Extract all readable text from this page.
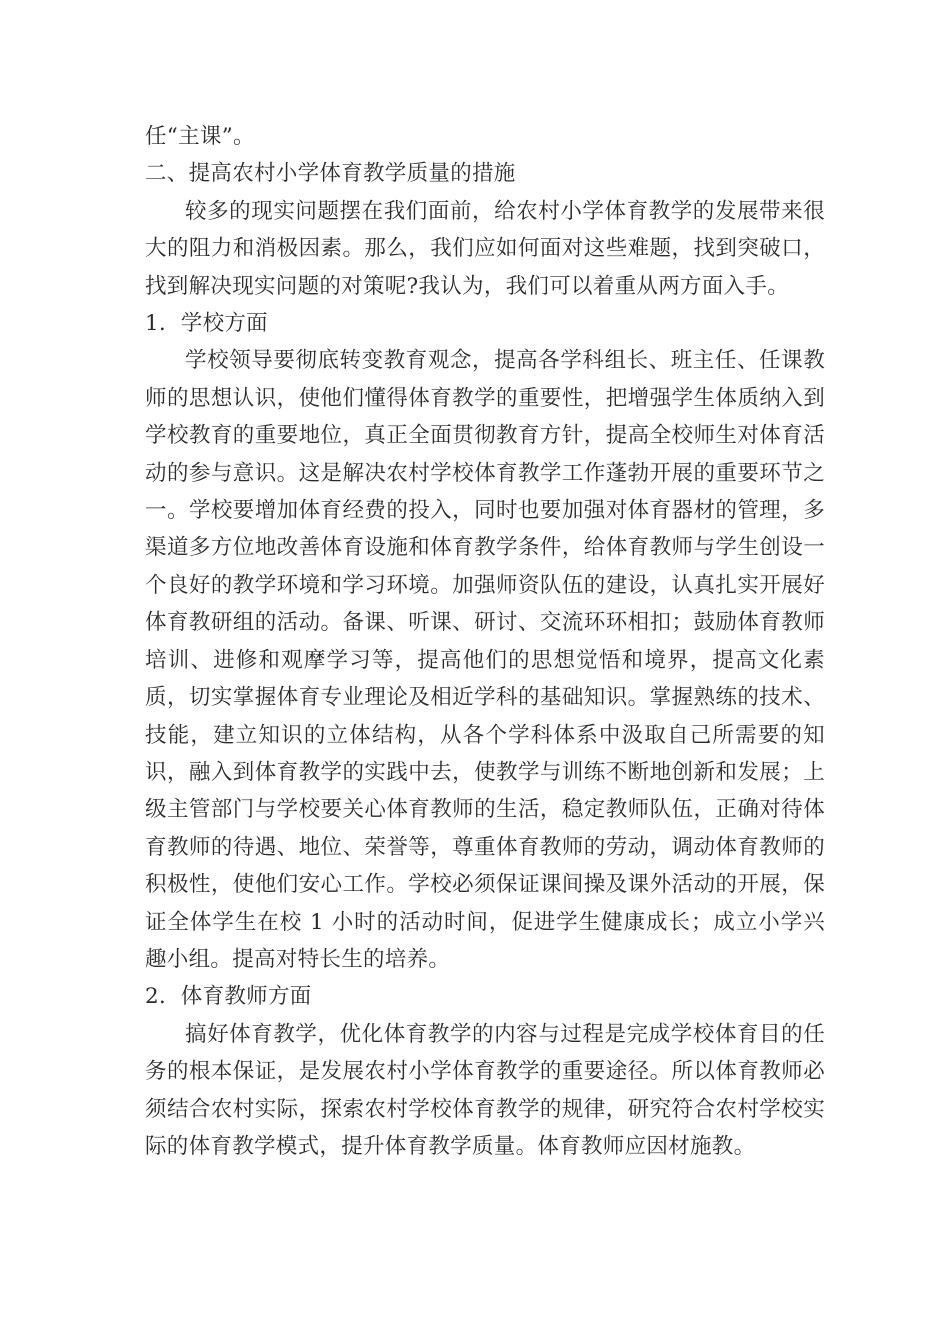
任“主课”。

二、提高农村小学体育教学质量的措施

较多的现实问题摆在我们面前，给农村小学体育教学的发展带来很大的阻力和消极因素。那么，我们应如何面对这些难题，找到突破口，找到解决现实问题的对策呢?我认为，我们可以着重从两方面入手。

1．学校方面

学校领导要彻底转变教育观念，提高各学科组长、班主任、任课教师的思想认识，使他们懂得体育教学的重要性，把增强学生体质纳入到学校教育的重要地位，真正全面贯彻教育方针，提高全校师生对体育活动的参与意识。这是解决农村学校体育教学工作蓬勃开展的重要环节之一。学校要增加体育经费的投入，同时也要加强对体育器材的管理，多渠道多方位地改善体育设施和体育教学条件，给体育教师与学生创设一个良好的教学环境和学习环境。加强师资队伍的建设，认真扎实开展好体育教研组的活动。备课、听课、研讨、交流环环相扣；鼓励体育教师培训、进修和观摩学习等，提高他们的思想觉悟和境界，提高文化素质，切实掌握体育专业理论及相近学科的基础知识。掌握熟练的技术、技能，建立知识的立体结构，从各个学科体系中汲取自己所需要的知识，融入到体育教学的实践中去，使教学与训练不断地创新和发展；上级主管部门与学校要关心体育教师的生活，稳定教师队伍，正确对待体育教师的待遇、地位、荣誉等，尊重体育教师的劳动，调动体育教师的积极性，使他们安心工作。学校必须保证课间操及课外活动的开展，保证全体学生在校 1 小时的活动时间，促进学生健康成长；成立小学兴趣小组。提高对特长生的培养。

2．体育教师方面

搞好体育教学，优化体育教学的内容与过程是完成学校体育目的任务的根本保证，是发展农村小学体育教学的重要途径。所以体育教师必须结合农村实际，探索农村学校体育教学的规律，研究符合农村学校实际的体育教学模式，提升体育教学质量。体育教师应因材施教。
